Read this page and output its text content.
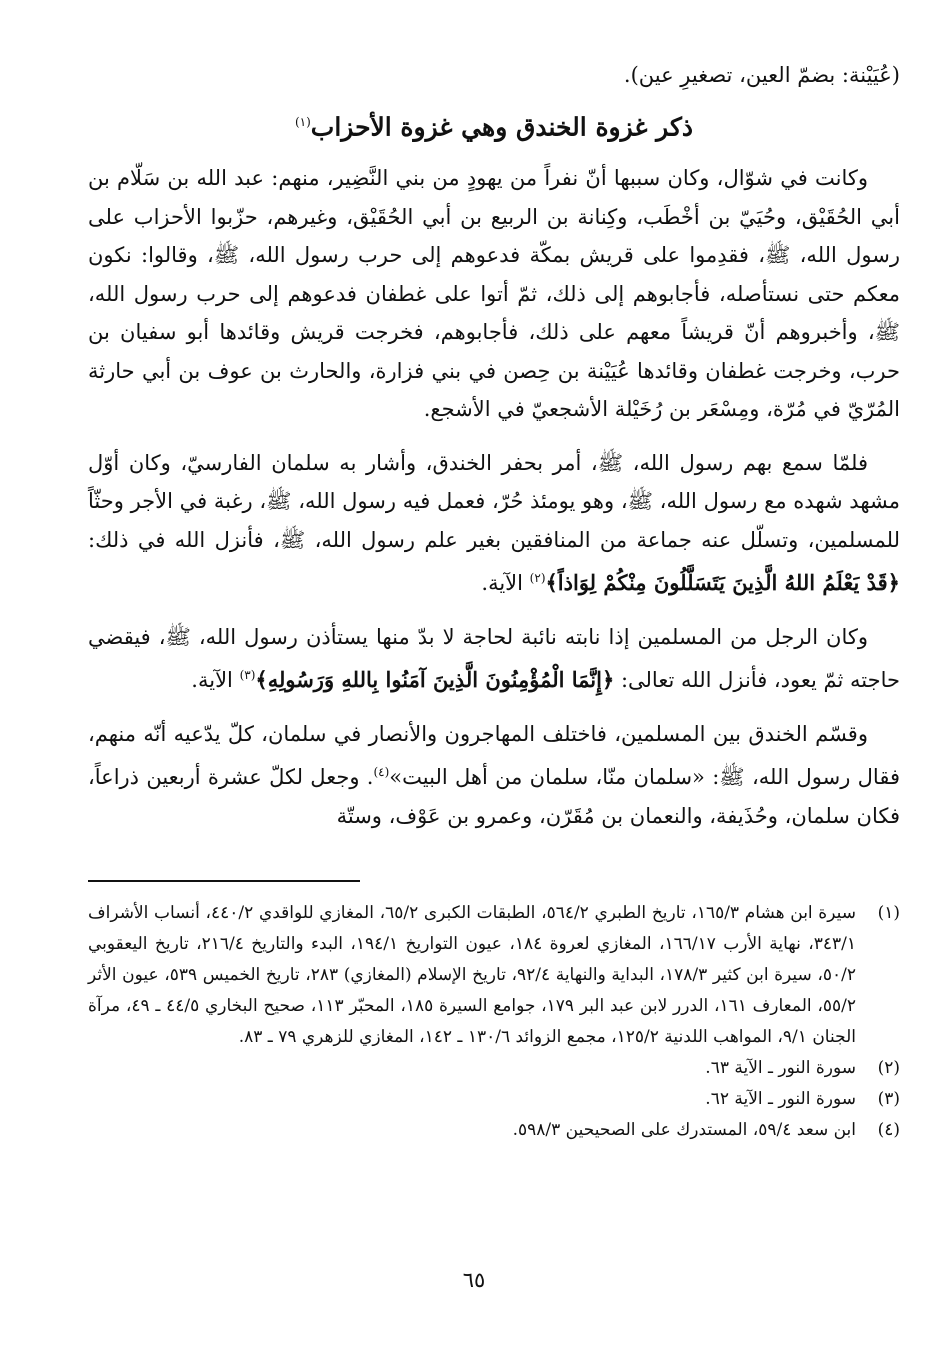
(عُيَيْنة: بضمّ العين، تصغيرِ عين).

ذكر غزوة الخندق وهي غزوة الأحزاب$^{(١)}$

وكانت في شوّال، وكان سببها أنّ نفراً من يهودٍ من بني النَّضِير، منهم: عبد الله بن سَلّام بن أبي الحُقَيْق، وحُيَيّ بن أخْطَب، وكِنانة بن الربيع بن أبي الحُقَيْق، وغيرهم، حزّبوا الأحزاب على رسول الله، ﷺ، فقدِموا على قريش بمكّة فدعوهم إلى حرب رسول الله، ﷺ، وقالوا: نكون معكم حتى نستأصله، فأجابوهم إلى ذلك، ثمّ أتوا على غطفان فدعوهم إلى حرب رسول الله، ﷺ، وأخبروهم أنّ قريشاً معهم على ذلك، فأجابوهم، فخرجت قريش وقائدها أبو سفيان بن حرب، وخرجت غطفان وقائدها عُيَيْنة بن حِصن في بني فزارة، والحارث بن عوف بن أبي حارثة المُرّيّ في مُرّة، ومِسْعَر بن رُخَيْلة الأشجعيّ في الأشجع.

فلمّا سمع بهم رسول الله، ﷺ، أمر بحفر الخندق، وأشار به سلمان الفارسيّ، وكان أوّل مشهد شهده مع رسول الله، ﷺ، وهو يومئذ حُرّ، فعمل فيه رسول الله، ﷺ، رغبة في الأجر وحثّاً للمسلمين، وتسلّل عنه جماعة من المنافقين بغير علم رسول الله، ﷺ، فأنزل الله في ذلك: ﴿قَدْ يَعْلَمُ اللهُ الَّذِينَ يَتَسَلَّلُونَ مِنْكُمْ لِوَاذاً﴾$^{(٢)}$ الآية.

وكان الرجل من المسلمين إذا نابته نائبة لحاجة لا بدّ منها يستأذن رسول الله، ﷺ، فيقضي حاجته ثمّ يعود، فأنزل الله تعالى: ﴿إِنَّمَا الْمُؤْمِنُونَ الَّذِينَ آمَنُوا بِاللهِ وَرَسُولِهِ﴾$^{(٣)}$ الآية.

وقسّم الخندق بين المسلمين، فاختلف المهاجرون والأنصار في سلمان، كلّ يدّعيه أنّه منهم، فقال رسول الله، ﷺ: «سلمان منّا، سلمان من أهل البيت»$^{(٤)}$. وجعل لكلّ عشرة أربعين ذراعاً، فكان سلمان، وحُذَيفة، والنعمان بن مُقَرّن، وعمرو بن عَوْف، وستّة

(١)
سيرة ابن هشام ١٦٥/٣، تاريخ الطبري ٥٦٤/٢، الطبقات الكبرى ٦٥/٢، المغازي للواقدي ٤٤٠/٢، أنساب الأشراف ٣٤٣/١، نهاية الأرب ١٦٦/١٧، المغازي لعروة ١٨٤، عيون التواريخ ١٩٤/١، البدء والتاريخ ٢١٦/٤، تاريخ اليعقوبي ٥٠/٢، سيرة ابن كثير ١٧٨/٣، البداية والنهاية ٩٢/٤، تاريخ الإسلام (المغازي) ٢٨٣، تاريخ الخميس ٥٣٩، عيون الأثر ٥٥/٢، المعارف ١٦١، الدرر لابن عبد البر ١٧٩، جوامع السيرة ١٨٥، المحبّر ١١٣، صحيح البخاري ٤٤/٥ ـ ٤٩، مرآة الجنان ٩/١، المواهب اللدنية ١٢٥/٢، مجمع الزوائد ١٣٠/٦ ـ ١٤٢، المغازي للزهري ٧٩ ـ ٨٣.
(٢)
سورة النور ـ الآية ٦٣.
(٣)
سورة النور ـ الآية ٦٢.
(٤)
ابن سعد ٥٩/٤، المستدرك على الصحيحين ٥٩٨/٣.
٦٥
